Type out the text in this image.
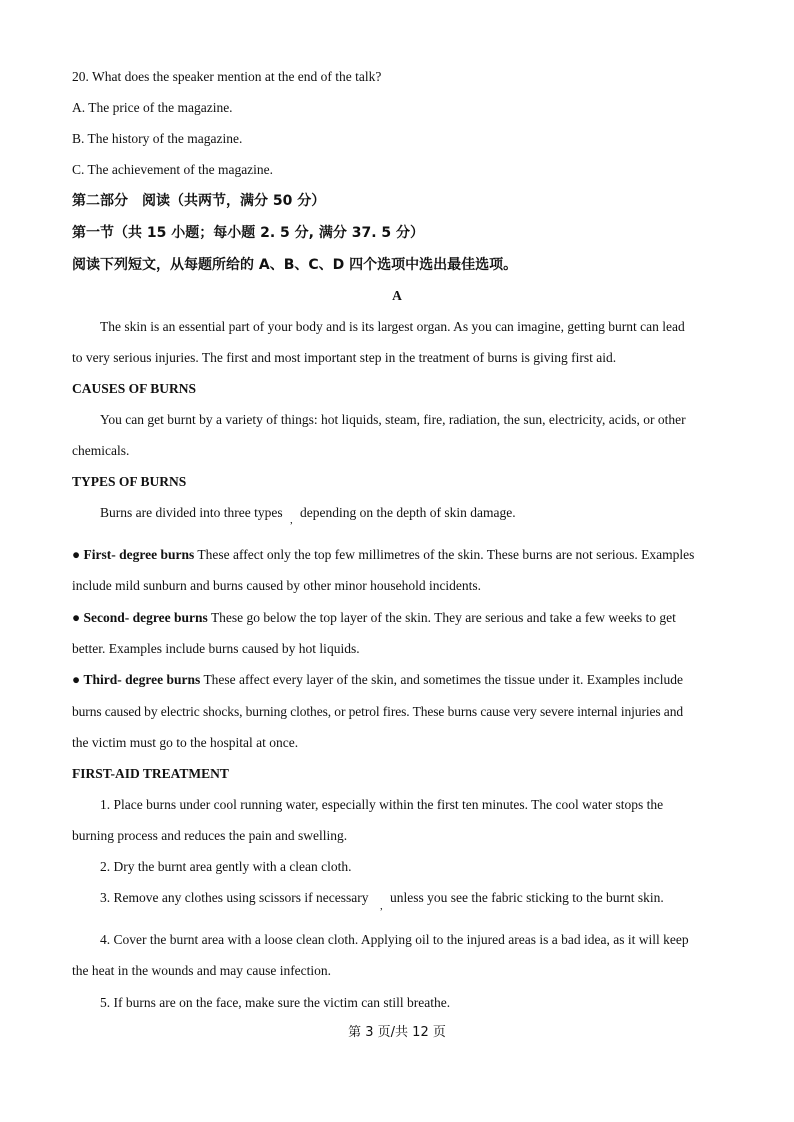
20. What does the speaker mention at the end of the talk?
A. The price of the magazine.
B. The history of the magazine.
C. The achievement of the magazine.
第二部分　阅读（共两节，满分 50 分）
第一节（共 15 小题；每小题 2. 5 分, 满分 37. 5 分）
阅读下列短文，从每题所给的 A、B、C、D 四个选项中选出最佳选项。
A
The skin is an essential part of your body and is its largest organ. As you can imagine, getting burnt can lead
to very serious injuries. The first and most important step in the treatment of burns is giving first aid.
CAUSES OF BURNS
You can get burnt by a variety of things: hot liquids, steam, fire, radiation, the sun, electricity, acids, or other
chemicals.
TYPES OF BURNS
Burns are divided into three types , depending on the depth of skin damage.
● First- degree burns These affect only the top few millimetres of the skin. These burns are not serious. Examples
include mild sunburn and burns caused by other minor household incidents.
● Second- degree burns These go below the top layer of the skin. They are serious and take a few weeks to get
better. Examples include burns caused by hot liquids.
● Third- degree burns These affect every layer of the skin, and sometimes the tissue under it. Examples include
burns caused by electric shocks, burning clothes, or petrol fires. These burns cause very severe internal injuries and
the victim must go to the hospital at once.
FIRST-AID TREATMENT
1. Place burns under cool running water, especially within the first ten minutes. The cool water stops the
burning process and reduces the pain and swelling.
2. Dry the burnt area gently with a clean cloth.
3. Remove any clothes using scissors if necessary
,
unless you see the fabric sticking to the burnt skin.
4. Cover the burnt area with a loose clean cloth. Applying oil to the injured areas is a bad idea, as it will keep
the heat in the wounds and may cause infection.
5. If burns are on the face, make sure the victim can still breathe.
第 3 页/共 12 页
